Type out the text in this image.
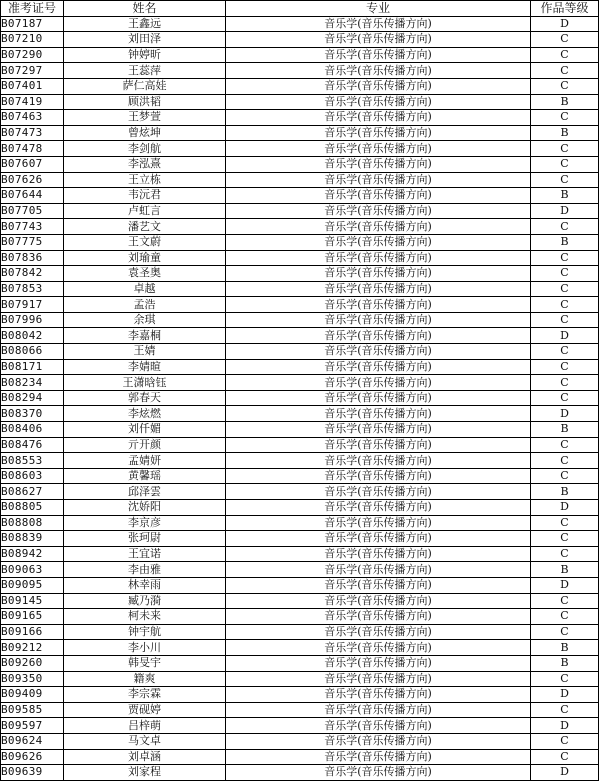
准考证号	姓名	专业	作品等级
B07187	王鑫远	音乐学(音乐传播方向)	D
B07210	刘田泽	音乐学(音乐传播方向)	C
B07290	钟婷昕	音乐学(音乐传播方向)	C
B07297	王蕊萍	音乐学(音乐传播方向)	C
B07401	萨仁高娃	音乐学(音乐传播方向)	C
B07419	顾洪韬	音乐学(音乐传播方向)	B
B07463	王梦萱	音乐学(音乐传播方向)	C
B07473	曾炫坤	音乐学(音乐传播方向)	B
B07478	李剑航	音乐学(音乐传播方向)	C
B07607	李泓熹	音乐学(音乐传播方向)	C
B07626	王立栋	音乐学(音乐传播方向)	C
B07644	韦沅君	音乐学(音乐传播方向)	B
B07705	卢虹言	音乐学(音乐传播方向)	D
B07743	潘艺文	音乐学(音乐传播方向)	C
B07775	王文蔚	音乐学(音乐传播方向)	B
B07836	刘瑜童	音乐学(音乐传播方向)	C
B07842	袁圣奥	音乐学(音乐传播方向)	C
B07853	卓越	音乐学(音乐传播方向)	C
B07917	孟浩	音乐学(音乐传播方向)	C
B07996	余琪	音乐学(音乐传播方向)	C
B08042	李嘉桐	音乐学(音乐传播方向)	D
B08066	王婧	音乐学(音乐传播方向)	C
B08171	李婧暄	音乐学(音乐传播方向)	C
B08234	王潇晗钰	音乐学(音乐传播方向)	C
B08294	郭春天	音乐学(音乐传播方向)	C
B08370	李炫燃	音乐学(音乐传播方向)	D
B08406	刘仟媚	音乐学(音乐传播方向)	B
B08476	亓开颜	音乐学(音乐传播方向)	C
B08553	孟婧妍	音乐学(音乐传播方向)	C
B08603	黄馨瑶	音乐学(音乐传播方向)	C
B08627	邱泽雲	音乐学(音乐传播方向)	B
B08805	沈娇阳	音乐学(音乐传播方向)	D
B08808	李京彦	音乐学(音乐传播方向)	C
B08839	张珂尉	音乐学(音乐传播方向)	C
B08942	王宜诺	音乐学(音乐传播方向)	C
B09063	李由雅	音乐学(音乐传播方向)	B
B09095	林幸雨	音乐学(音乐传播方向)	D
B09145	臧乃漪	音乐学(音乐传播方向)	C
B09165	柯未来	音乐学(音乐传播方向)	C
B09166	钟宇航	音乐学(音乐传播方向)	C
B09212	李小川	音乐学(音乐传播方向)	B
B09260	韩旻宇	音乐学(音乐传播方向)	B
B09350	籍爽	音乐学(音乐传播方向)	C
B09409	李宗霖	音乐学(音乐传播方向)	D
B09585	贾砚婷	音乐学(音乐传播方向)	C
B09597	吕梓萌	音乐学(音乐传播方向)	D
B09624	马文卓	音乐学(音乐传播方向)	C
B09626	刘卓涵	音乐学(音乐传播方向)	C
B09639	刘家程	音乐学(音乐传播方向)	D
